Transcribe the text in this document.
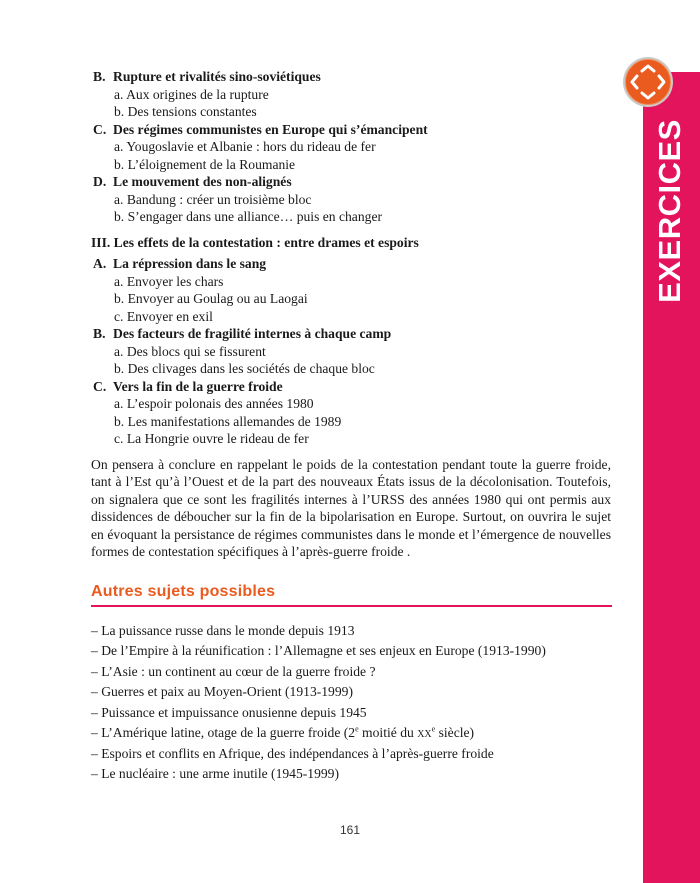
EXERCICES
B. Rupture et rivalités sino-soviétiques
a. Aux origines de la rupture
b. Des tensions constantes
C. Des régimes communistes en Europe qui s’émancipent
a. Yougoslavie et Albanie : hors du rideau de fer
b. L’éloignement de la Roumanie
D. Le mouvement des non-alignés
a. Bandung : créer un troisième bloc
b. S’engager dans une alliance… puis en changer
III. Les effets de la contestation : entre drames et espoirs
A. La répression dans le sang
a. Envoyer les chars
b. Envoyer au Goulag ou au Laogai
c. Envoyer en exil
B. Des facteurs de fragilité internes à chaque camp
a. Des blocs qui se fissurent
b. Des clivages dans les sociétés de chaque bloc
C. Vers la fin de la guerre froide
a. L’espoir polonais des années 1980
b. Les manifestations allemandes de 1989
c. La Hongrie ouvre le rideau de fer
On pensera à conclure en rappelant le poids de la contestation pendant toute la guerre froide, tant à l’Est qu’à l’Ouest et de la part des nouveaux États issus de la décolonisation. Toutefois, on signalera que ce sont les fragilités internes à l’URSS des années 1980 qui ont permis aux dissidences de déboucher sur la fin de la bipolarisation en Europe. Surtout, on ouvrira le sujet en évoquant la persistance de régimes communistes dans le monde et l’émergence de nouvelles formes de contestation spécifiques à l’après-guerre froide .
Autres sujets possibles
– La puissance russe dans le monde depuis 1913
– De l’Empire à la réunification : l’Allemagne et ses enjeux en Europe (1913-1990)
– L’Asie : un continent au cœur de la guerre froide ?
– Guerres et paix au Moyen-Orient (1913-1999)
– Puissance et impuissance onusienne depuis 1945
– L’Amérique latine, otage de la guerre froide (2e moitié du $xx^e$ siècle)
– Espoirs et conflits en Afrique, des indépendances à l’après-guerre froide
– Le nucléaire : une arme inutile (1945-1999)
161
